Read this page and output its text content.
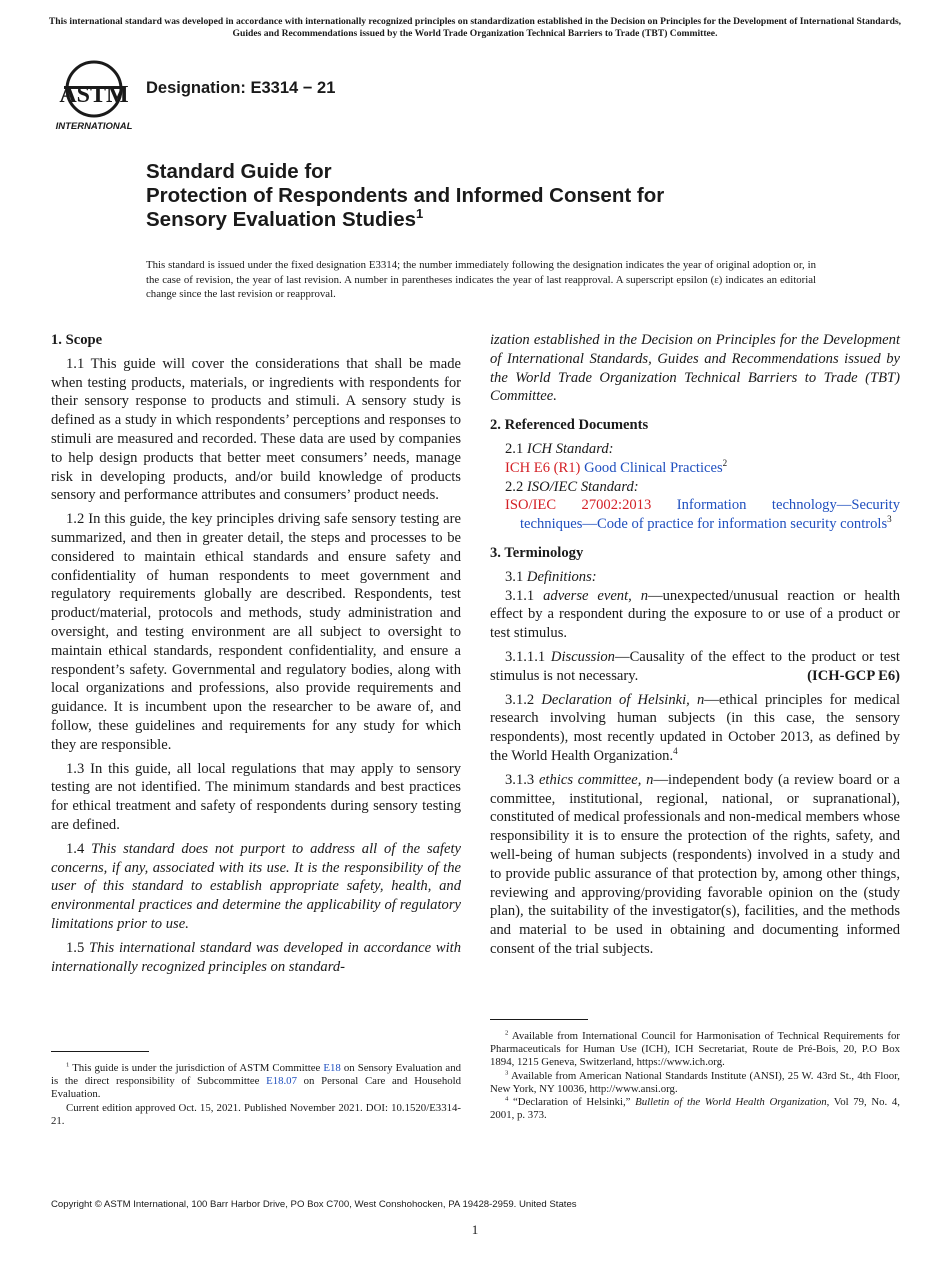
This international standard was developed in accordance with internationally recognized principles on standardization established in the Decision on Principles for the Development of International Standards, Guides and Recommendations issued by the World Trade Organization Technical Barriers to Trade (TBT) Committee.
ASTM
INTERNATIONAL
Designation: E3314 − 21
Standard Guide for
Protection of Respondents and Informed Consent for
Sensory Evaluation Studies$^1$
This standard is issued under the fixed designation E3314; the number immediately following the designation indicates the year of original adoption or, in the case of revision, the year of last revision. A number in parentheses indicates the year of last reapproval. A superscript epsilon (ε) indicates an editorial change since the last revision or reapproval.
1. Scope

1.1 This guide will cover the considerations that shall be made when testing products, materials, or ingredients with respondents for their sensory response to products and stimuli. A sensory study is defined as a study in which respondents’ perceptions and responses to stimuli are measured and recorded. These data are used by companies to help design products that better meet consumers’ needs, manage risk in developing products, and/or build knowledge of products sensory and performance attributes and consumers’ product needs.

1.2 In this guide, the key principles driving safe sensory testing are summarized, and then in greater detail, the steps and processes to be considered to maintain ethical standards and ensure safety and confidentiality of human respondents to meet government and regulatory requirements globally are described. Respondents, test product/material, protocols and methods, study administration and oversight, and testing environment are all subject to oversight to maintain ethical standards, respondent confidentiality, and ensure a respondent’s safety. Governmental and regulatory bodies, along with local organizations and professions, also provide requirements and guidance. It is incumbent upon the researcher to be aware of, and follow, these guidelines and requirements for any study for which they are responsible.

1.3 In this guide, all local regulations that may apply to sensory testing are not identified. The minimum standards and best practices for ethical treatment and safety of respondents during sensory testing are defined.

1.4 This standard does not purport to address all of the safety concerns, if any, associated with its use. It is the responsibility of the user of this standard to establish appropriate safety, health, and environmental practices and determine the applicability of regulatory limitations prior to use.

1.5 This international standard was developed in accordance with internationally recognized principles on standard-

ization established in the Decision on Principles for the Development of International Standards, Guides and Recommendations issued by the World Trade Organization Technical Barriers to Trade (TBT) Committee.

2. Referenced Documents
2.1 ICH Standard:
ICH E6 (R1) Good Clinical Practices$^2$
2.2 ISO/IEC Standard:
ISO/IEC 27002:2013 Information technology—Security techniques—Code of practice for information security controls$^3$
3. Terminology
3.1 Definitions:

3.1.1 adverse event, n—unexpected/unusual reaction or health effect by a respondent during the exposure to or use of a product or test stimulus.

3.1.1.1 Discussion—Causality of the effect to the product or test stimulus is not necessary.	(ICH-GCP E6)

3.1.2 Declaration of Helsinki, n—ethical principles for medical research involving human subjects (in this case, the sensory respondents), most recently updated in October 2013, as defined by the World Health Organization.$^4$

3.1.3 ethics committee, n—independent body (a review board or a committee, institutional, regional, national, or supranational), constituted of medical professionals and non-medical members whose responsibility it is to ensure the protection of the rights, safety, and well-being of human subjects (respondents) involved in a study and to provide public assurance of that protection by, among other things, reviewing and approving/providing favorable opinion on the (study plan), the suitability of the investigator(s), facilities, and the methods and material to be used in obtaining and documenting informed consent of the trial subjects.

$^1$ This guide is under the jurisdiction of ASTM Committee E18 on Sensory Evaluation and is the direct responsibility of Subcommittee E18.07 on Personal Care and Household Evaluation.

Current edition approved Oct. 15, 2021. Published November 2021. DOI: 10.1520/E3314-21.

$^2$ Available from International Council for Harmonisation of Technical Requirements for Pharmaceuticals for Human Use (ICH), ICH Secretariat, Route de Pré-Bois, 20, P.O Box 1894, 1215 Geneva, Switzerland, https://www.ich.org.

$^3$ Available from American National Standards Institute (ANSI), 25 W. 43rd St., 4th Floor, New York, NY 10036, http://www.ansi.org.

$^4$ “Declaration of Helsinki,” Bulletin of the World Health Organization, Vol 79, No. 4, 2001, p. 373.

Copyright © ASTM International, 100 Barr Harbor Drive, PO Box C700, West Conshohocken, PA 19428-2959. United States
1
